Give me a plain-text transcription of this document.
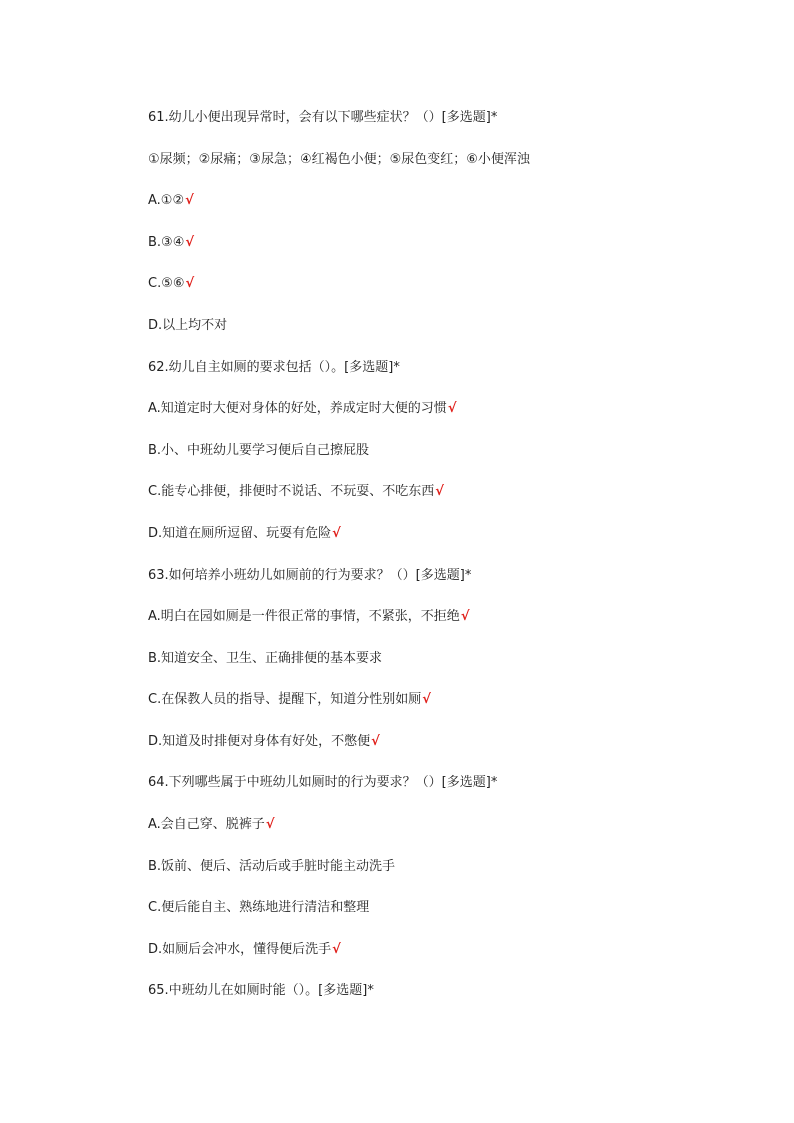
61.幼儿小便出现异常时，会有以下哪些症状？（）[多选题]*
①尿频；②尿痛；③尿急；④红褐色小便；⑤尿色变红；⑥小便浑浊
A.①②√
B.③④√
C.⑤⑥√
D.以上均不对
62.幼儿自主如厕的要求包括（）。[多选题]*
A.知道定时大便对身体的好处，养成定时大便的习惯√
B.小、中班幼儿要学习便后自己擦屁股
C.能专心排便，排便时不说话、不玩耍、不吃东西√
D.知道在厕所逗留、玩耍有危险√
63.如何培养小班幼儿如厕前的行为要求？（）[多选题]*
A.明白在园如厕是一件很正常的事情，不紧张，不拒绝√
B.知道安全、卫生、正确排便的基本要求
C.在保教人员的指导、提醒下，知道分性别如厕√
D.知道及时排便对身体有好处，不憋便√
64.下列哪些属于中班幼儿如厕时的行为要求？（）[多选题]*
A.会自己穿、脱裤子√
B.饭前、便后、活动后或手脏时能主动洗手
C.便后能自主、熟练地进行清洁和整理
D.如厕后会冲水，懂得便后洗手√
65.中班幼儿在如厕时能（）。[多选题]*
